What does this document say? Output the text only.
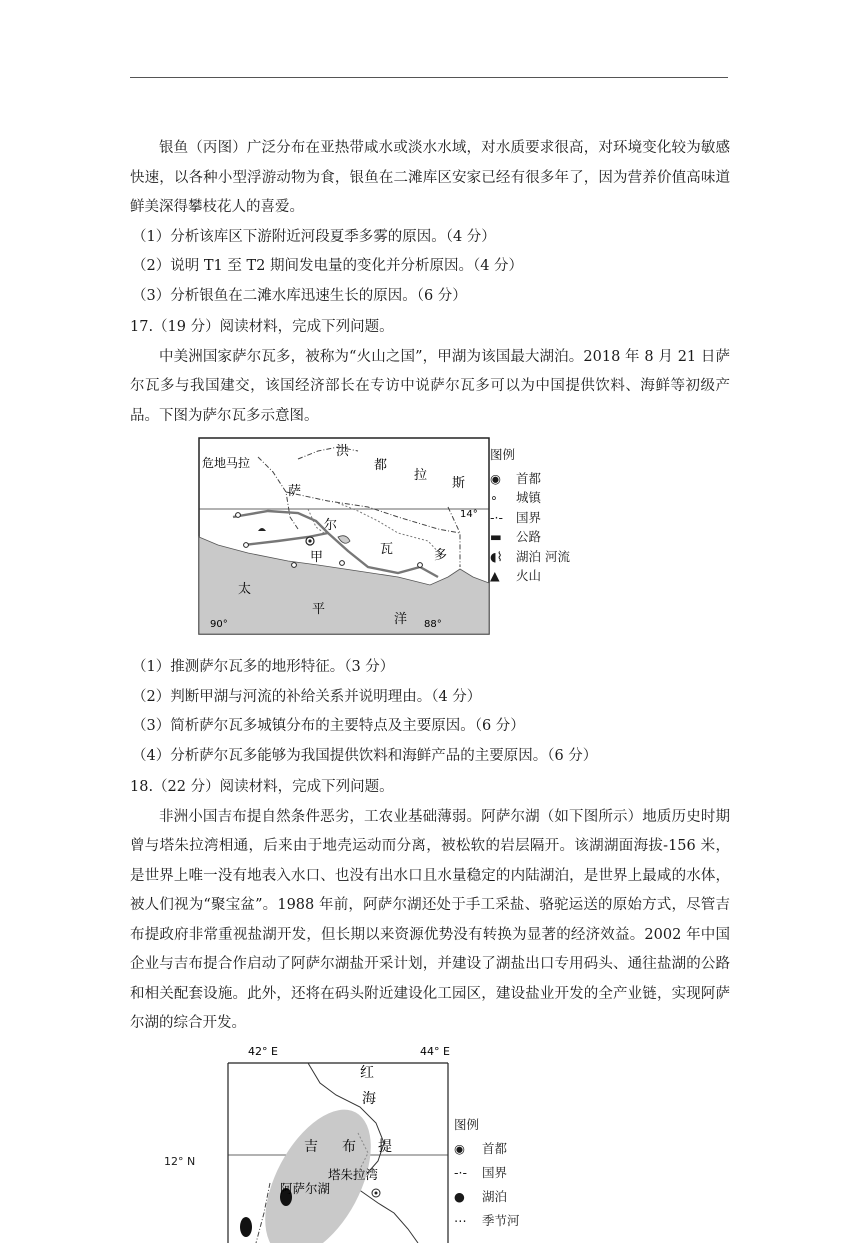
银鱼（丙图）广泛分布在亚热带咸水或淡水水域，对水质要求很高，对环境变化较为敏感快速，以各种小型浮游动物为食，银鱼在二滩库区安家已经有很多年了，因为营养价值高味道鲜美深得攀枝花人的喜爱。

（1）分析该库区下游附近河段夏季多雾的原因。（4 分）

（2）说明 T1 至 T2 期间发电量的变化并分析原因。（4 分）

（3）分析银鱼在二滩水库迅速生长的原因。（6 分）

17.（19 分）阅读材料，完成下列问题。

中美洲国家萨尔瓦多，被称为“火山之国”，甲湖为该国最大湖泊。2018 年 8 月 21 日萨尔瓦多与我国建交，该国经济部长在专访中说萨尔瓦多可以为中国提供饮料、海鲜等初级产品。下图为萨尔瓦多示意图。

危地马拉
洪
都
拉
斯
萨
尔
甲
瓦	多
太
平
洋
14°
90°	88°
图例
◉	首都
∘	城镇
-·-	国界
▬	公路
◖⌇	湖泊 河流
▲	火山

（1）推测萨尔瓦多的地形特征。（3 分）

（2）判断甲湖与河流的补给关系并说明理由。（4 分）

（3）简析萨尔瓦多城镇分布的主要特点及主要原因。（6 分）

（4）分析萨尔瓦多能够为我国提供饮料和海鲜产品的主要原因。（6 分）

18.（22 分）阅读材料，完成下列问题。

非洲小国吉布提自然条件恶劣，工农业基础薄弱。阿萨尔湖（如下图所示）地质历史时期曾与塔朱拉湾相通，后来由于地壳运动而分离，被松软的岩层隔开。该湖湖面海拔-156 米，是世界上唯一没有地表入水口、也没有出水口且水量稳定的内陆湖泊，是世界上最咸的水体，被人们视为“聚宝盆”。1988 年前，阿萨尔湖还处于手工采盐、骆驼运送的原始方式，尽管吉布提政府非常重视盐湖开发，但长期以来资源优势没有转换为显著的经济效益。2002 年中国企业与吉布提合作启动了阿萨尔湖盐开采计划，并建设了湖盐出口专用码头、通往盐湖的公路和相关配套设施。此外，还将在码头附近建设化工园区，建设盐业开发的全产业链，实现阿萨尔湖的综合开发。

42° E	44° E
红
海
吉 布 提
阿萨尔湖
塔朱拉湾
12° N
图例
◉	首都
-·-	国界
●	湖泊
⋯	季节河
